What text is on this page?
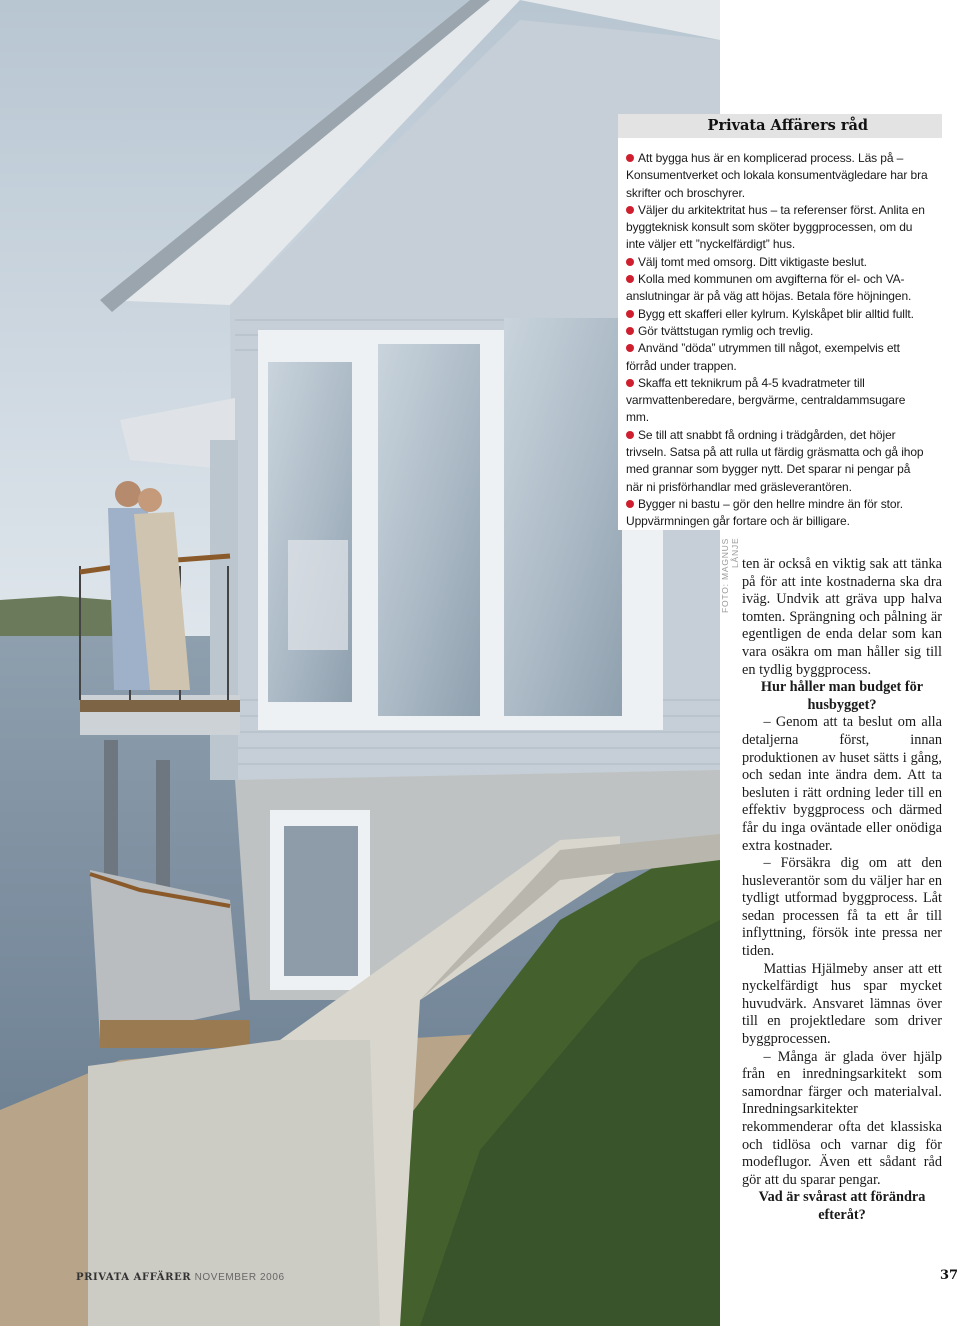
Privata Affärers råd
Att bygga hus är en komplicerad process. Läs på – Konsumentverket och lokala konsumentvägledare har bra skrifter och broschyrer.
Väljer du arkitektritat hus – ta referenser först. Anlita en byggteknisk konsult som sköter byggprocessen, om du inte väljer ett ”nyckelfärdigt” hus.
Välj tomt med omsorg. Ditt viktigaste beslut.
Kolla med kommunen om avgifterna för el- och VA-anslutningar är på väg att höjas. Betala före höjningen.
Bygg ett skafferi eller kylrum. Kylskåpet blir alltid fullt.
Gör tvättstugan rymlig och trevlig.
Använd ”döda” utrymmen till något, exempelvis ett förråd under trappen.
Skaffa ett teknikrum på 4-5 kvadratmeter till varmvattenberedare, bergvärme, centraldammsugare mm.
Se till att snabbt få ordning i trädgården, det höjer trivseln. Satsa på att rulla ut färdig gräsmatta och gå ihop med grannar som bygger nytt. Det sparar ni pengar på när ni prisförhandlar med gräsleverantören.
Bygger ni bastu – gör den hellre mindre än för stor. Uppvärmningen går fortare och är billigare.
FOTO: MAGNUS LÅNJE ten är också en viktig sak att tänka på för att inte kostnaderna ska dra iväg. Undvik att gräva upp halva tomten. Sprängning och pålning är egentligen de enda delar som kan vara osäkra om man håller sig till en tydlig byggprocess.

Hur håller man budget för husbygget?

– Genom att ta beslut om alla detaljerna först, innan produktionen av huset sätts i gång, och sedan inte ändra dem. Att ta besluten i rätt ordning leder till en effektiv byggprocess och därmed får du inga oväntade eller onödiga extra kostnader.

– Försäkra dig om att den husleverantör som du väljer har en tydligt utformad byggprocess. Låt sedan processen få ta ett år till inflyttning, försök inte pressa ner tiden.

Mattias Hjälmeby anser att ett nyckelfärdigt hus spar mycket huvudvärk. Ansvaret lämnas över till en projektledare som driver byggprocessen.

– Många är glada över hjälp från en inredningsarkitekt som samordnar färger och materialval. Inredningsarkitekter rekommenderar ofta det klassiska och tidlösa och varnar dig för modeflugor. Även ett sådant råd gör att du sparar pengar.

Vad är svårast att förändra efteråt?

PRIVATA AFFÄRER NOVEMBER 2006	37
